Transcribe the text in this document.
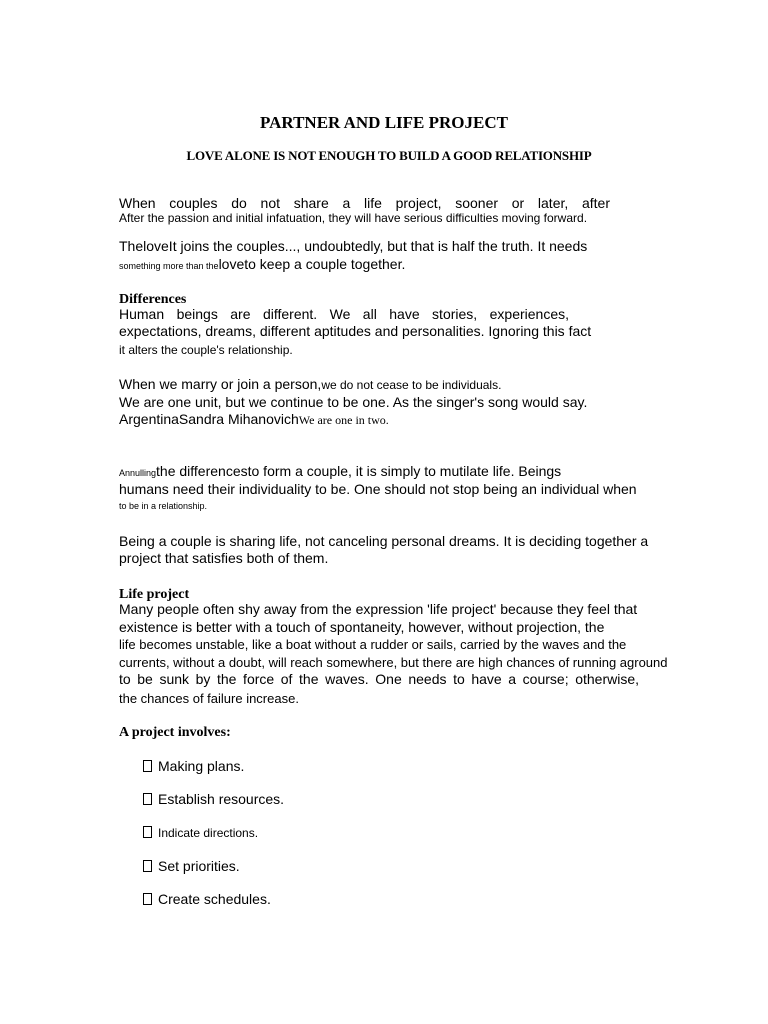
PARTNER AND LIFE PROJECT
LOVE ALONE IS NOT ENOUGH TO BUILD A GOOD RELATIONSHIP
When couples do not share a life project, sooner or later, after
After the passion and initial infatuation, they will have serious difficulties moving forward.
TheloveIt joins the couples..., undoubtedly, but that is half the truth. It needs
something more than theloveto keep a couple together.
Differences
Human beings are different. We all have stories, experiences,
expectations, dreams, different aptitudes and personalities. Ignoring this fact
it alters the couple's relationship.
When we marry or join a person,we do not cease to be individuals.
We are one unit, but we continue to be one. As the singer's song would say.
ArgentinaSandra MihanovichWe are one in two.
Annullingthe differencesto form a couple, it is simply to mutilate life. Beings
humans need their individuality to be. One should not stop being an individual when
to be in a relationship.
Being a couple is sharing life, not canceling personal dreams. It is deciding together a
project that satisfies both of them.
Life project
Many people often shy away from the expression 'life project' because they feel that
existence is better with a touch of spontaneity, however, without projection, the
life becomes unstable, like a boat without a rudder or sails, carried by the waves and the
currents, without a doubt, will reach somewhere, but there are high chances of running aground
to be sunk by the force of the waves. One needs to have a course; otherwise,
the chances of failure increase.
A project involves:
Making plans.
Establish resources.
Indicate directions.
Set priorities.
Create schedules.
